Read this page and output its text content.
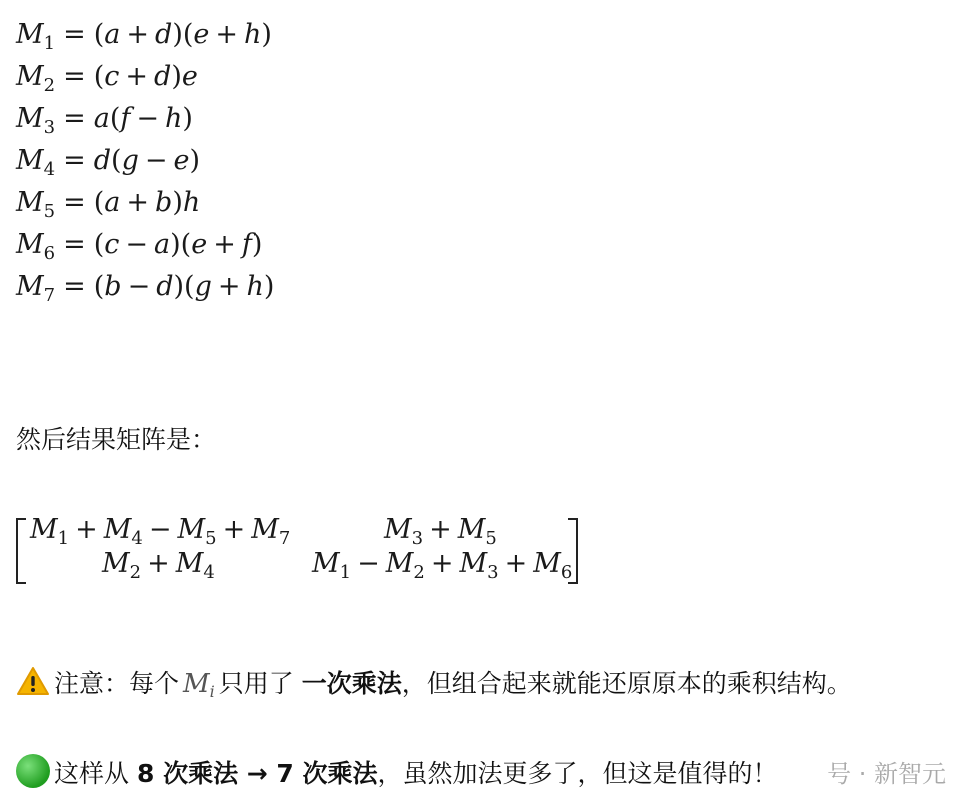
$M_1 = (a + d)(e + h)$
$M_2 = (c + d)e$
$M_3 = a(f - h)$
$M_4 = d(g - e)$
$M_5 = (a + b)h$
$M_6 = (c - a)(e + f)$
$M_7 = (b - d)(g + h)$
然后结果矩阵是：
$M_1 + M_4 - M_5 + M_7$	$M_3 + M_5$
$M_2 + M_4$	$M_1 - M_2 + M_3 + M_6$
注意：每个 $M_i$ 只用了 一次乘法，但组合起来就能还原原本的乘积结构。
这样从 8 次乘法 → 7 次乘法，虽然加法更多了，但这是值得的！ 号 · 新智元
